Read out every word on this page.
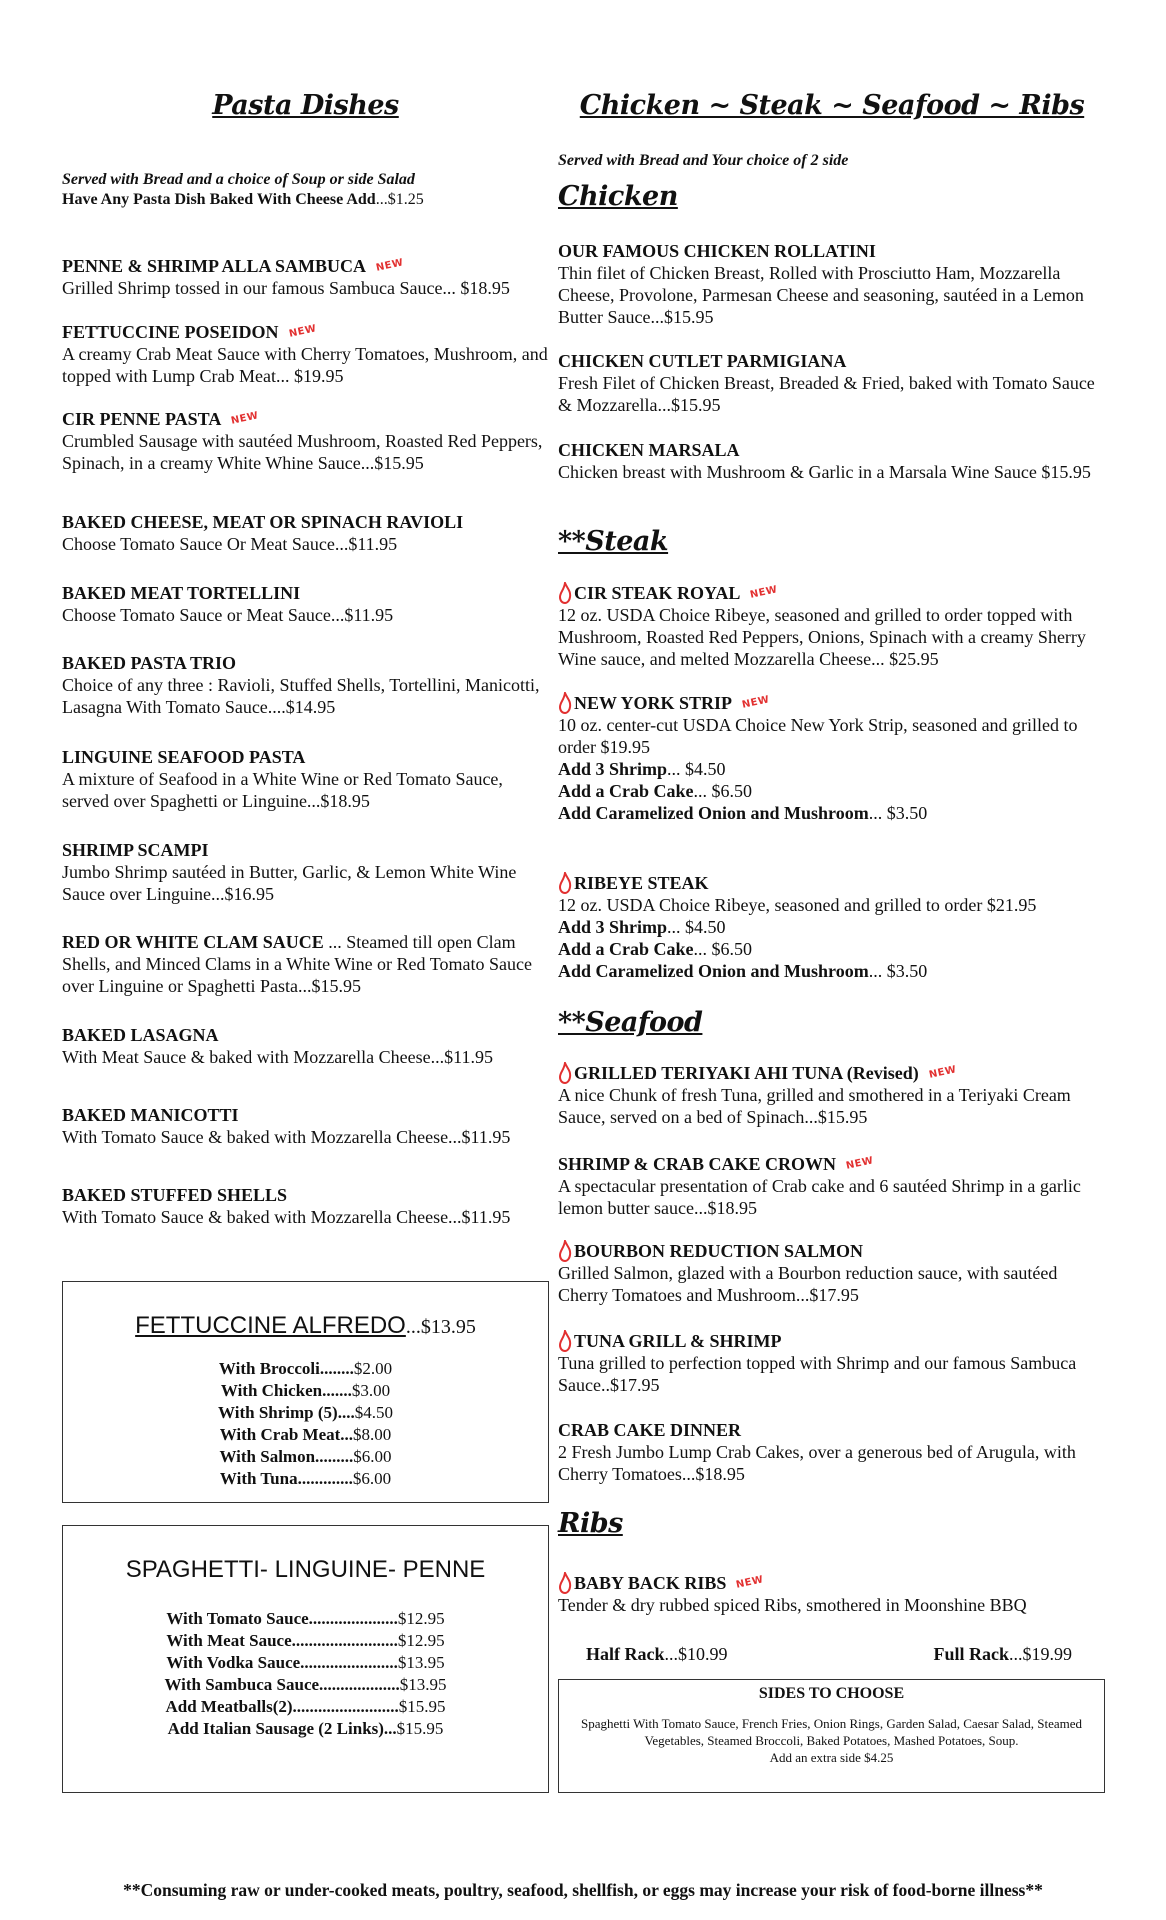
Pasta Dishes
Served with Bread and a choice of Soup or side Salad
Have Any Pasta Dish Baked With Cheese Add...$1.25
PENNE & SHRIMP ALLA SAMBUCA NEW
Grilled Shrimp tossed in our famous Sambuca Sauce... $18.95
FETTUCCINE POSEIDON NEW
A creamy Crab Meat Sauce with Cherry Tomatoes, Mushroom, and topped with Lump Crab Meat... $19.95
CIR PENNE PASTA NEW
Crumbled Sausage with sautéed Mushroom, Roasted Red Peppers, Spinach, in a creamy White Whine Sauce...$15.95
BAKED CHEESE, MEAT OR SPINACH RAVIOLI
Choose Tomato Sauce Or Meat Sauce...$11.95
BAKED MEAT TORTELLINI
Choose Tomato Sauce or Meat Sauce...$11.95
BAKED PASTA TRIO
Choice of any three : Ravioli, Stuffed Shells, Tortellini, Manicotti, Lasagna With Tomato Sauce....$14.95
LINGUINE SEAFOOD PASTA
A mixture of Seafood in a White Wine or Red Tomato Sauce, served over Spaghetti or Linguine...$18.95
SHRIMP SCAMPI
Jumbo Shrimp sautéed in Butter, Garlic, & Lemon White Wine Sauce over Linguine...$16.95
RED OR WHITE CLAM SAUCE ... Steamed till open Clam Shells, and Minced Clams in a White Wine or Red Tomato Sauce over Linguine or Spaghetti Pasta...$15.95
BAKED LASAGNA
With Meat Sauce & baked with Mozzarella Cheese...$11.95
BAKED MANICOTTI
With Tomato Sauce & baked with Mozzarella Cheese...$11.95
BAKED STUFFED SHELLS
With Tomato Sauce & baked with Mozzarella Cheese...$11.95
FETTUCCINE ALFREDO...$13.95
With Broccoli........$2.00
With Chicken.......$3.00
With Shrimp (5)....$4.50
With Crab Meat...$8.00
With Salmon.........$6.00
With Tuna.............$6.00
SPAGHETTI- LINGUINE- PENNE
With Tomato Sauce.....................$12.95
With Meat Sauce.........................$12.95
With Vodka Sauce.......................$13.95
With Sambuca Sauce...................$13.95
Add Meatballs(2).........................$15.95
Add Italian Sausage (2 Links)...$15.95
Chicken ~ Steak ~ Seafood ~ Ribs
Served with Bread and Your choice of 2 side
Chicken
OUR FAMOUS CHICKEN ROLLATINI
Thin filet of Chicken Breast, Rolled with Prosciutto Ham, Mozzarella Cheese, Provolone, Parmesan Cheese and seasoning, sautéed in a Lemon Butter Sauce...$15.95
CHICKEN CUTLET PARMIGIANA
Fresh Filet of Chicken Breast, Breaded & Fried, baked with Tomato Sauce & Mozzarella...$15.95
CHICKEN MARSALA
Chicken breast with Mushroom & Garlic in a Marsala Wine Sauce $15.95
**Steak
CIR STEAK ROYAL NEW
12 oz. USDA Choice Ribeye, seasoned and grilled to order topped with Mushroom, Roasted Red Peppers, Onions, Spinach with a creamy Sherry Wine sauce, and melted Mozzarella Cheese... $25.95
NEW YORK STRIP NEW
10 oz. center-cut USDA Choice New York Strip, seasoned and grilled to order $19.95
Add 3 Shrimp... $4.50
Add a Crab Cake... $6.50
Add Caramelized Onion and Mushroom... $3.50
RIBEYE STEAK
12 oz. USDA Choice Ribeye, seasoned and grilled to order $21.95
Add 3 Shrimp... $4.50
Add a Crab Cake... $6.50
Add Caramelized Onion and Mushroom... $3.50
**Seafood
GRILLED TERIYAKI AHI TUNA (Revised) NEW
A nice Chunk of fresh Tuna, grilled and smothered in a Teriyaki Cream Sauce, served on a bed of Spinach...$15.95
SHRIMP & CRAB CAKE CROWN NEW
A spectacular presentation of Crab cake and 6 sautéed Shrimp in a garlic lemon butter sauce...$18.95
BOURBON REDUCTION SALMON
Grilled Salmon, glazed with a Bourbon reduction sauce, with sautéed Cherry Tomatoes and Mushroom...$17.95
TUNA GRILL & SHRIMP
Tuna grilled to perfection topped with Shrimp and our famous Sambuca Sauce..$17.95
CRAB CAKE DINNER
2 Fresh Jumbo Lump Crab Cakes, over a generous bed of Arugula, with Cherry Tomatoes...$18.95
Ribs
BABY BACK RIBS NEW
Tender & dry rubbed spiced Ribs, smothered in Moonshine BBQ
Half Rack...$10.99	Full Rack...$19.99
SIDES TO CHOOSE
Spaghetti With Tomato Sauce, French Fries, Onion Rings, Garden Salad, Caesar Salad, Steamed Vegetables, Steamed Broccoli, Baked Potatoes, Mashed Potatoes, Soup.
Add an extra side $4.25
**Consuming raw or under-cooked meats, poultry, seafood, shellfish, or eggs may increase your risk of food-borne illness**
